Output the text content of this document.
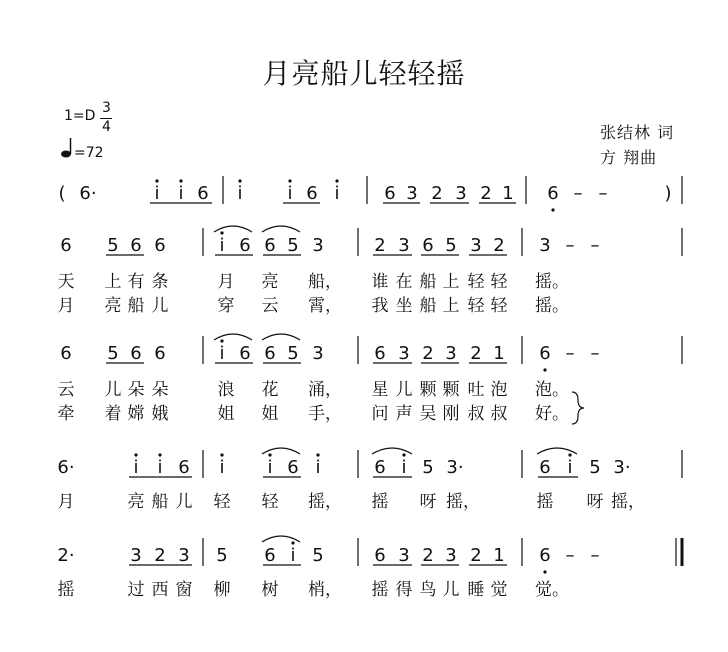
月亮船儿轻轻摇
1=D 3
4
=72
张结林 词
方 翔曲
( 6·	i i 6 i i 6 i 6 3 2 3 2 1 6 – –	)
6 5 6 6	i 6 6 5 3	2 3 6 5 3 2 3 – –
天 上 有 条	月 亮 船， 谁 在 船 上 轻 轻 摇。
月 亮 船 儿	穿 云 霄， 我 坐 船 上 轻 轻 摇。
6 5 6 6	i 6 6 5 3	6 3 2 3 2 1 6 – –
云 儿 朵 朵	浪 花 涌， 星 儿 颗 颗 吐 泡 泡。
牵 着 嫦 娥	姐 姐 手， 问 声 吴 刚 叔 叔 好。
6·	i i 6 i i 6 i	6 i 5 3·	6 i 5 3·
月	亮 船 儿 轻 轻 摇， 摇 呀 摇，	摇 呀 摇，
2·	3 2 3 5 6 i 5	6 3 2 3 2 1 6 – –
摇	过 西 窗 柳 树 梢， 摇 得 鸟 儿 睡 觉 觉。
